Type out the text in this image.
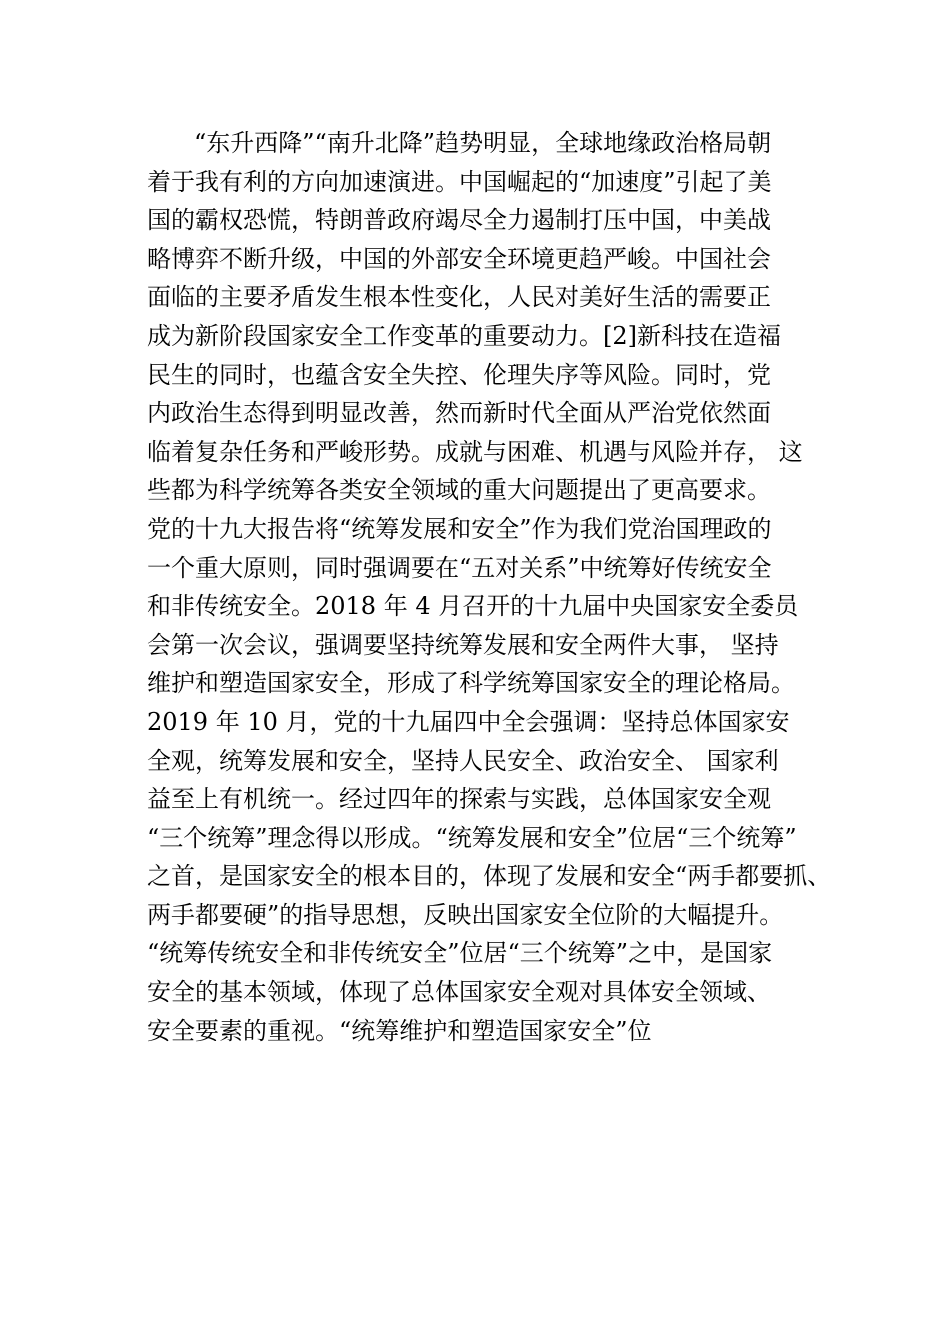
“东升西降”“南升北降”趋势明显，全球地缘政治格局朝
着于我有利的方向加速演进。中国崛起的“加速度”引起了美
国的霸权恐慌，特朗普政府竭尽全力遏制打压中国，中美战
略博弈不断升级，中国的外部安全环境更趋严峻。中国社会
面临的主要矛盾发生根本性变化，人民对美好生活的需要正
成为新阶段国家安全工作变革的重要动力。[2]新科技在造福
民生的同时，也蕴含安全失控、伦理失序等风险。同时，党
内政治生态得到明显改善，然而新时代全面从严治党依然面
临着复杂任务和严峻形势。成就与困难、机遇与风险并存， 这
些都为科学统筹各类安全领域的重大问题提出了更高要求。
党的十九大报告将“统筹发展和安全”作为我们党治国理政的
一个重大原则，同时强调要在“五对关系”中统筹好传统安全
和非传统安全。2018 年 4 月召开的十九届中央国家安全委员
会第一次会议，强调要坚持统筹发展和安全两件大事， 坚持
维护和塑造国家安全，形成了科学统筹国家安全的理论格局。
2019 年 10 月，党的十九届四中全会强调：坚持总体国家安
全观，统筹发展和安全，坚持人民安全、政治安全、 国家利
益至上有机统一。经过四年的探索与实践，总体国家安全观
“三个统筹”理念得以形成。“统筹发展和安全”位居“三个统筹”
之首，是国家安全的根本目的，体现了发展和安全“两手都要抓、
两手都要硬”的指导思想，反映出国家安全位阶的大幅提升。
“统筹传统安全和非传统安全”位居“三个统筹”之中，是国家
安全的基本领域，体现了总体国家安全观对具体安全领域、
安全要素的重视。“统筹维护和塑造国家安全”位
